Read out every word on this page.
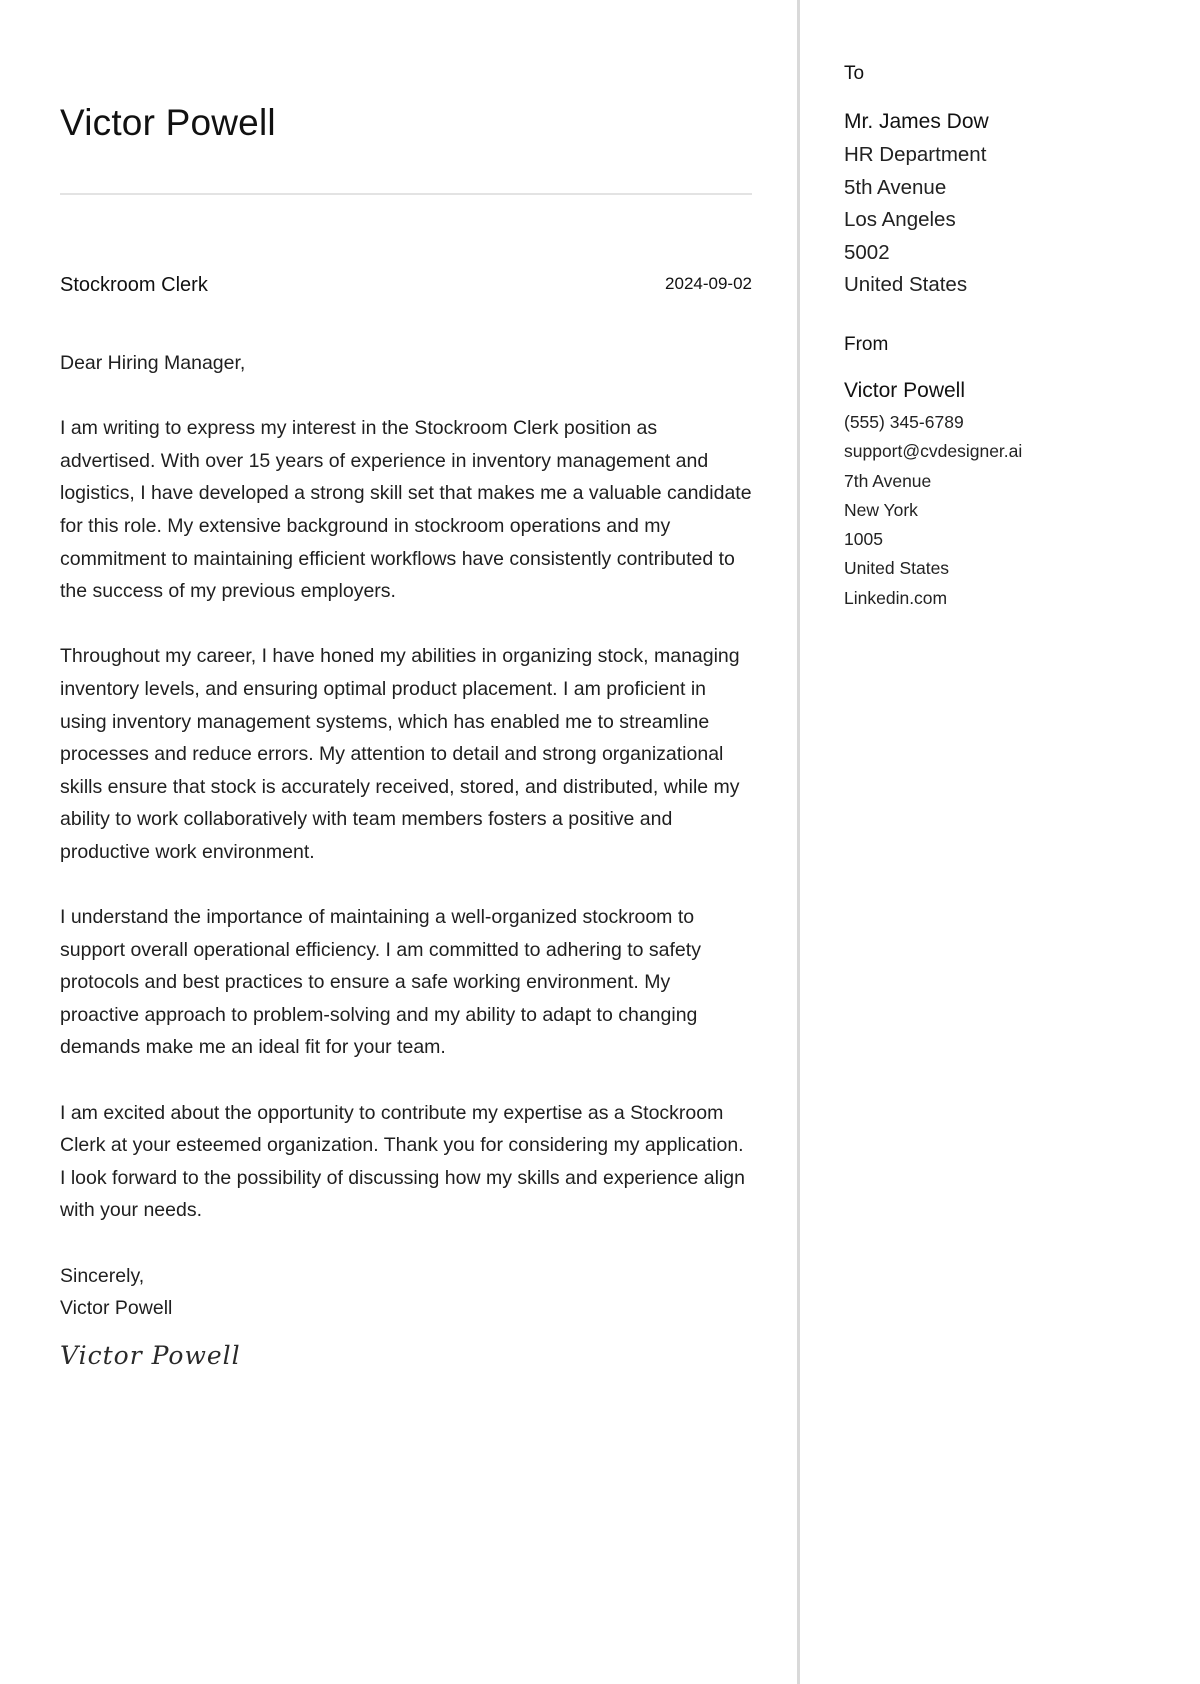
Victor Powell
Stockroom Clerk	2024-09-02

Dear Hiring Manager,

I am writing to express my interest in the Stockroom Clerk position as advertised. With over 15 years of experience in inventory management and logistics, I have developed a strong skill set that makes me a valuable candidate for this role. My extensive background in stockroom operations and my commitment to maintaining efficient workflows have consistently contributed to the success of my previous employers.

Throughout my career, I have honed my abilities in organizing stock, managing inventory levels, and ensuring optimal product placement. I am proficient in using inventory management systems, which has enabled me to streamline processes and reduce errors. My attention to detail and strong organizational skills ensure that stock is accurately received, stored, and distributed, while my ability to work collaboratively with team members fosters a positive and productive work environment.

I understand the importance of maintaining a well-organized stockroom to support overall operational efficiency. I am committed to adhering to safety protocols and best practices to ensure a safe working environment. My proactive approach to problem-solving and my ability to adapt to changing demands make me an ideal fit for your team.

I am excited about the opportunity to contribute my expertise as a Stockroom Clerk at your esteemed organization. Thank you for considering my application. I look forward to the possibility of discussing how my skills and experience align with your needs.

Sincerely,

Victor Powell

Victor Powell
To
Mr. James Dow
HR Department
5th Avenue
Los Angeles
5002
United States
From
Victor Powell
(555) 345-6789
support@cvdesigner.ai
7th Avenue
New York
1005
United States
Linkedin.com
